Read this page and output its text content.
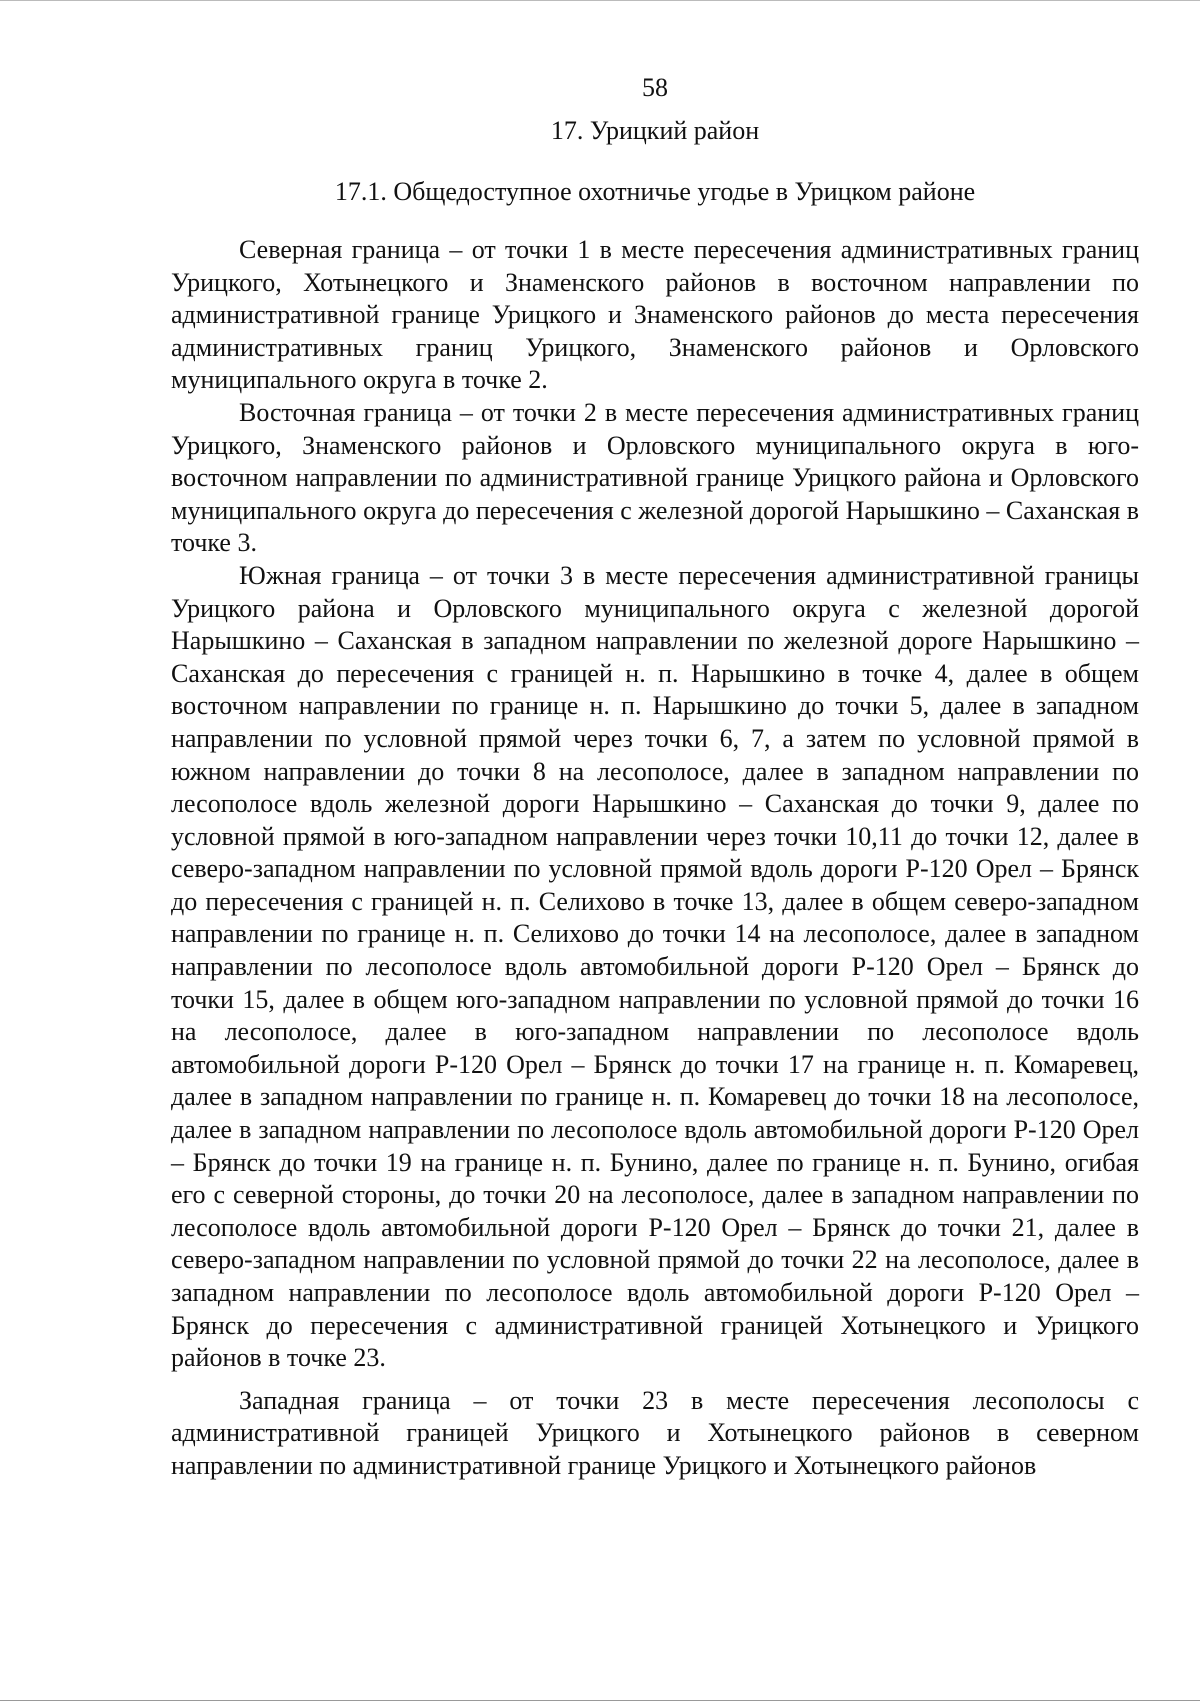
58

17. Урицкий район

17.1. Общедоступное охотничье угодье в Урицком районе

Северная граница – от точки 1 в месте пересечения административных границ Урицкого, Хотынецкого и Знаменского районов в восточном направлении по административной границе Урицкого и Знаменского районов до места пересечения административных границ Урицкого, Знаменского районов и Орловского муниципального округа в точке 2.

Восточная граница – от точки 2 в месте пересечения административных границ Урицкого, Знаменского районов и Орловского муниципального округа в юго-восточном направлении по административной границе Урицкого района и Орловского муниципального округа до пересечения с железной дорогой Нарышкино – Саханская в точке 3.

Южная граница – от точки 3 в месте пересечения административной границы Урицкого района и Орловского муниципального округа с железной дорогой Нарышкино – Саханская в западном направлении по железной дороге Нарышкино – Саханская до пересечения с границей н. п. Нарышкино в точке 4, далее в общем восточном направлении по границе н. п. Нарышкино до точки 5, далее в западном направлении по условной прямой через точки 6, 7, а затем по условной прямой в южном направлении до точки 8 на лесополосе, далее в западном направлении по лесополосе вдоль железной дороги Нарышкино – Саханская до точки 9, далее по условной прямой в юго-западном направлении через точки 10,11 до точки 12, далее в северо-западном направлении по условной прямой вдоль дороги Р-120 Орел – Брянск до пересечения с границей н. п. Селихово в точке 13, далее в общем северо-западном направлении по границе н. п. Селихово до точки 14 на лесополосе, далее в западном направлении по лесополосе вдоль автомобильной дороги Р-120 Орел – Брянск до точки 15, далее в общем юго-западном направлении по условной прямой до точки 16 на лесополосе, далее в юго-западном направлении по лесополосе вдоль автомобильной дороги Р-120 Орел – Брянск до точки 17 на границе н. п. Комаревец, далее в западном направлении по границе н. п. Комаревец до точки 18 на лесополосе, далее в западном направлении по лесополосе вдоль автомобильной дороги Р-120 Орел – Брянск до точки 19 на границе н. п. Бунино, далее по границе н. п. Бунино, огибая его с северной стороны, до точки 20 на лесополосе, далее в западном направлении по лесополосе вдоль автомобильной дороги Р-120 Орел – Брянск до точки 21, далее в северо-западном направлении по условной прямой до точки 22 на лесополосе, далее в западном направлении по лесополосе вдоль автомобильной дороги Р-120 Орел – Брянск до пересечения с административной границей Хотынецкого и Урицкого районов в точке 23.

Западная граница – от точки 23 в месте пересечения лесополосы с административной границей Урицкого и Хотынецкого районов в северном направлении по административной границе Урицкого и Хотынецкого районов
